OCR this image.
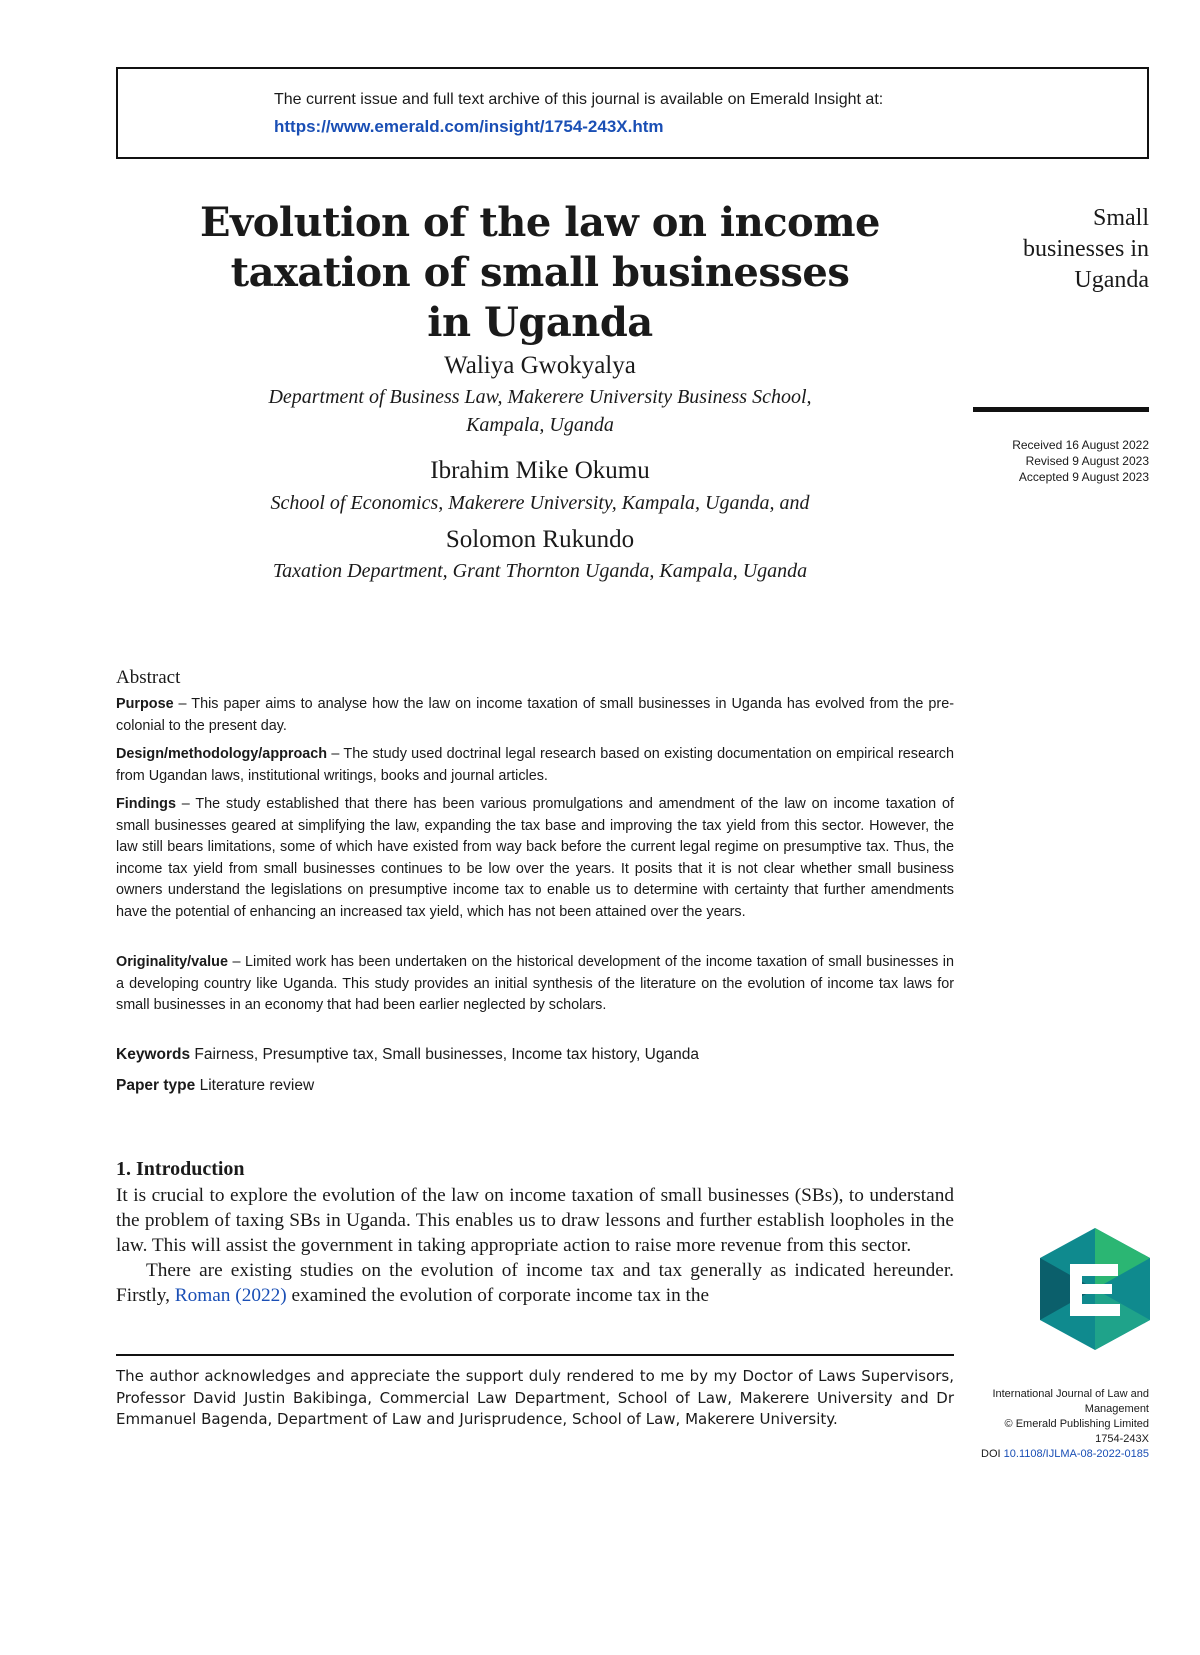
The current issue and full text archive of this journal is available on Emerald Insight at:
https://www.emerald.com/insight/1754-243X.htm
Evolution of the law on income
taxation of small businesses
in Uganda
Waliya Gwokyalya
Department of Business Law, Makerere University Business School,
Kampala, Uganda
Ibrahim Mike Okumu
School of Economics, Makerere University, Kampala, Uganda, and
Solomon Rukundo
Taxation Department, Grant Thornton Uganda, Kampala, Uganda
Small
businesses in
Uganda
Received 16 August 2022
Revised 9 August 2023
Accepted 9 August 2023
Abstract
Purpose – This paper aims to analyse how the law on income taxation of small businesses in Uganda has evolved from the pre-colonial to the present day.
Design/methodology/approach – The study used doctrinal legal research based on existing documentation on empirical research from Ugandan laws, institutional writings, books and journal articles.
Findings – The study established that there has been various promulgations and amendment of the law on income taxation of small businesses geared at simplifying the law, expanding the tax base and improving the tax yield from this sector. However, the law still bears limitations, some of which have existed from way back before the current legal regime on presumptive tax. Thus, the income tax yield from small businesses continues to be low over the years. It posits that it is not clear whether small business owners understand the legislations on presumptive income tax to enable us to determine with certainty that further amendments have the potential of enhancing an increased tax yield, which has not been attained over the years.
Originality/value – Limited work has been undertaken on the historical development of the income taxation of small businesses in a developing country like Uganda. This study provides an initial synthesis of the literature on the evolution of income tax laws for small businesses in an economy that had been earlier neglected by scholars.
Keywords Fairness, Presumptive tax, Small businesses, Income tax history, Uganda
Paper type Literature review
1. Introduction

It is crucial to explore the evolution of the law on income taxation of small businesses (SBs), to understand the problem of taxing SBs in Uganda. This enables us to draw lessons and further establish loopholes in the law. This will assist the government in taking appropriate action to raise more revenue from this sector.

There are existing studies on the evolution of income tax and tax generally as indicated hereunder. Firstly, Roman (2022) examined the evolution of corporate income tax in the

The author acknowledges and appreciate the support duly rendered to me by my Doctor of Laws Supervisors, Professor David Justin Bakibinga, Commercial Law Department, School of Law, Makerere University and Dr Emmanuel Bagenda, Department of Law and Jurisprudence, School of Law, Makerere University.
International Journal of Law and
Management
© Emerald Publishing Limited
1754-243X
DOI 10.1108/IJLMA-08-2022-0185
